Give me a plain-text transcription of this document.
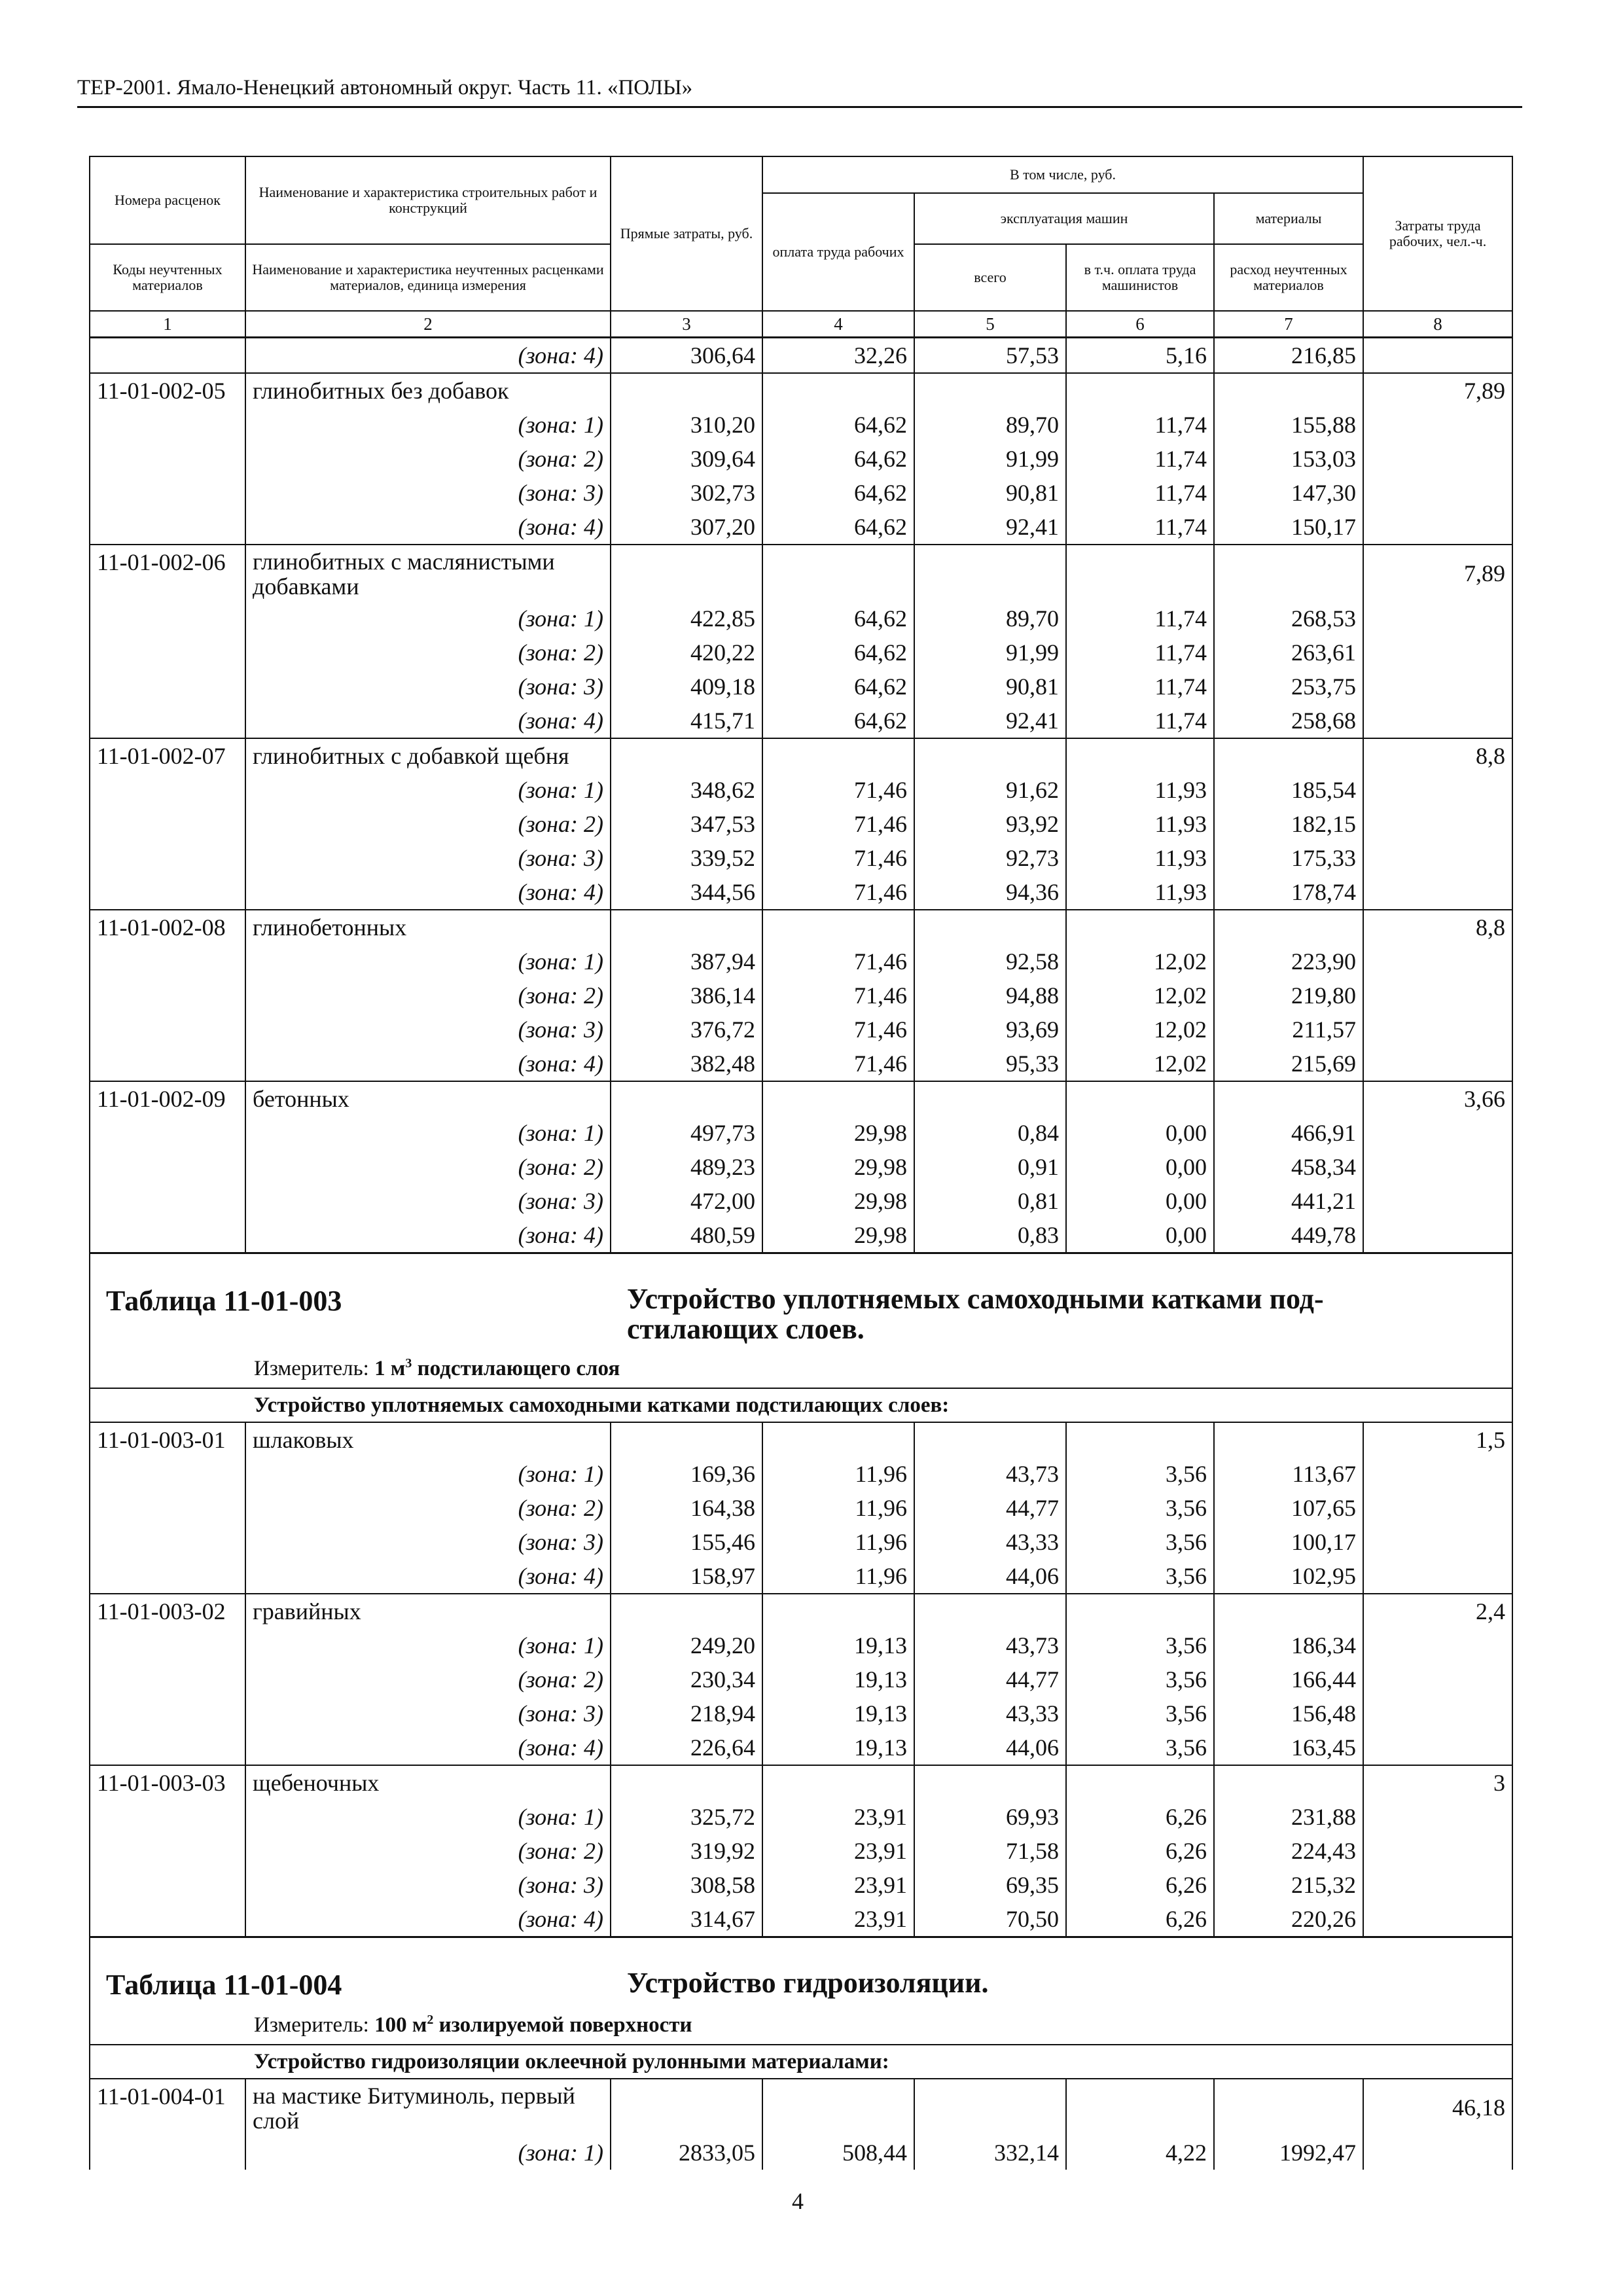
ТЕР-2001. Ямало-Ненецкий автономный округ. Часть 11. «ПОЛЫ»
Номера расценок	Наименование и характеристика строительных работ и конструкций	Прямые затраты, руб.	В том числе, руб.				Затраты труда рабочих, чел.-ч.
			оплата труда рабочих	эксплуатация машин		материалы	
Коды неучтенных материалов	Наименование и характеристика неучтенных расценками материалов, единица измерения			всего	в т.ч. оплата труда машинистов	расход неучтенных материалов	

1	2	3	4	5	6	7	8
	(зона: 4)	306,64	32,26	57,53	5,16	216,85	
11-01-002-05	глинобитных без добавок						7,89
	(зона: 1)	310,20	64,62	89,70	11,74	155,88	
	(зона: 2)	309,64	64,62	91,99	11,74	153,03	
	(зона: 3)	302,73	64,62	90,81	11,74	147,30	
	(зона: 4)	307,20	64,62	92,41	11,74	150,17	
11-01-002-06	глинобитных с маслянистыми добавками						7,89
	(зона: 1)	422,85	64,62	89,70	11,74	268,53	
	(зона: 2)	420,22	64,62	91,99	11,74	263,61	
	(зона: 3)	409,18	64,62	90,81	11,74	253,75	
	(зона: 4)	415,71	64,62	92,41	11,74	258,68	
11-01-002-07	глинобитных с добавкой щебня						8,8
	(зона: 1)	348,62	71,46	91,62	11,93	185,54	
	(зона: 2)	347,53	71,46	93,92	11,93	182,15	
	(зона: 3)	339,52	71,46	92,73	11,93	175,33	
	(зона: 4)	344,56	71,46	94,36	11,93	178,74	
11-01-002-08	глинобетонных						8,8
	(зона: 1)	387,94	71,46	92,58	12,02	223,90	
	(зона: 2)	386,14	71,46	94,88	12,02	219,80	
	(зона: 3)	376,72	71,46	93,69	12,02	211,57	
	(зона: 4)	382,48	71,46	95,33	12,02	215,69	
11-01-002-09	бетонных						3,66
	(зона: 1)	497,73	29,98	0,84	0,00	466,91	
	(зона: 2)	489,23	29,98	0,91	0,00	458,34	
	(зона: 3)	472,00	29,98	0,81	0,00	441,21	
	(зона: 4)	480,59	29,98	0,83	0,00	449,78	

Таблица 11-01-003 Устройство уплотняемых самоходными катками под-стилающих слоев.
Измеритель: 1 $м^3$ подстилающего слоя							

Устройство уплотняемых самоходными катками подстилающих слоев:							
11-01-003-01	шлаковых						1,5
	(зона: 1)	169,36	11,96	43,73	3,56	113,67	
	(зона: 2)	164,38	11,96	44,77	3,56	107,65	
	(зона: 3)	155,46	11,96	43,33	3,56	100,17	
	(зона: 4)	158,97	11,96	44,06	3,56	102,95	
11-01-003-02	гравийных						2,4
	(зона: 1)	249,20	19,13	43,73	3,56	186,34	
	(зона: 2)	230,34	19,13	44,77	3,56	166,44	
	(зона: 3)	218,94	19,13	43,33	3,56	156,48	
	(зона: 4)	226,64	19,13	44,06	3,56	163,45	
11-01-003-03	щебеночных						3
	(зона: 1)	325,72	23,91	69,93	6,26	231,88	
	(зона: 2)	319,92	23,91	71,58	6,26	224,43	
	(зона: 3)	308,58	23,91	69,35	6,26	215,32	
	(зона: 4)	314,67	23,91	70,50	6,26	220,26	

Таблица 11-01-004 Устройство гидроизоляции.
Измеритель: 100 $м^2$ изолируемой поверхности							

Устройство гидроизоляции оклеечной рулонными материалами:							
11-01-004-01	на мастике Битуминоль, первый слой						46,18
	(зона: 1)	2833,05	508,44	332,14	4,22	1992,47	
4
